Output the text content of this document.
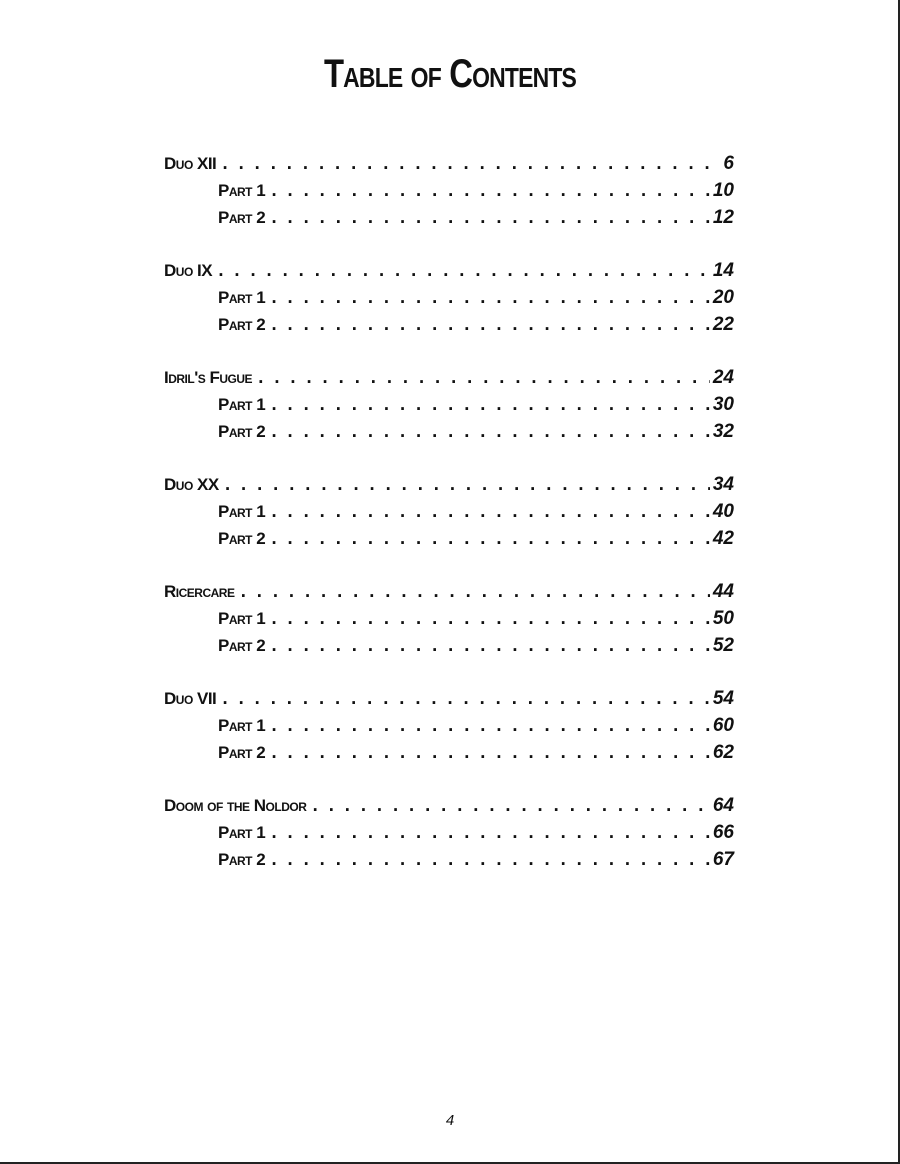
Table of Contents
Duo XII . . .	6
Part 1 . . .	10
Part 2 . . .	12
Duo IX . . .	14
Part 1 . . .	20
Part 2 . . .	22
Idril's Fugue . . .	24
Part 1 . . .	30
Part 2 . . .	32
Duo XX . . .	34
Part 1 . . .	40
Part 2 . . .	42
Ricercare . . .	44
Part 1 . . .	50
Part 2 . . .	52
Duo VII . . .	54
Part 1 . . .	60
Part 2 . . .	62
Doom of the Noldor . . .	64
Part 1 . . .	66
Part 2 . . .	67
4
